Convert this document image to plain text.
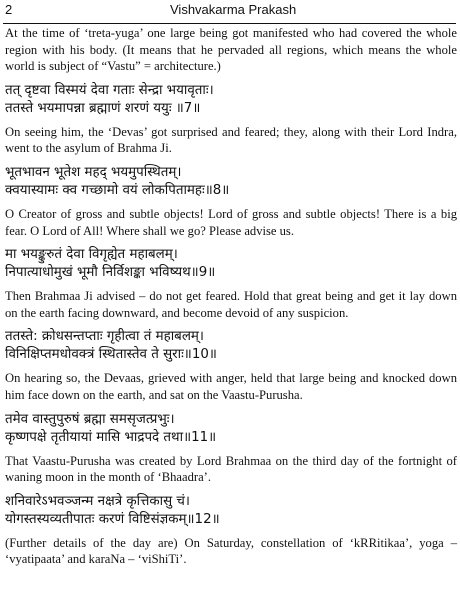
2	Vishvakarma Prakash

At the time of ‘treta-yuga’ one large being got manifested who had covered the whole region with his body. (It means that he pervaded all regions, which means the whole world is subject of “Vastu” = architecture.)

तत् दृष्टवा विस्मयं देवा गताः सेन्द्रा भयावृताः।

ततस्ते भयमापन्ना ब्रह्माणं शरणं ययुः ॥7॥

On seeing him, the ‘Devas’ got surprised and feared; they, along with their Lord Indra, went to the asylum of Brahma Ji.

भूतभावन भूतेश महद् भयमुपस्थितम्।

क्वयास्यामः क्व गच्छामो वयं लोकपितामहः॥8॥

O Creator of gross and subtle objects! Lord of gross and subtle objects! There is a big fear. O Lord of All! Where shall we go? Please advise us.

मा भयङ्कुरुतं देवा विगृह्येत महाबलम्।

निपात्याधोमुखं भूमौ निर्विशङ्का भविष्यथ॥9॥

Then Brahmaa Ji advised – do not get feared. Hold that great being and get it lay down on the earth facing downward, and become devoid of any suspicion.

ततस्ते: क्रोधसन्तप्ताः गृहीत्वा तं महाबलम्।

विनिक्षिप्तमधोवक्त्रं स्थितास्तेव ते सुराः॥10॥

On hearing so, the Devaas, grieved with anger, held that large being and knocked down him face down on the earth, and sat on the Vaastu-Purusha.

तमेव वास्तुपुरुषं ब्रह्मा समसृजत्प्रभुः।

कृष्णपक्षे तृतीयायां मासि भाद्रपदे तथा॥11॥

That Vaastu-Purusha was created by Lord Brahmaa on the third day of the fortnight of waning moon in the month of ‘Bhaadra’.

शनिवारेऽभवञ्जन्म नक्षत्रे कृत्तिकासु चं।

योगस्तस्यव्यतीपातः करणं विष्टिसंज्ञकम्॥12॥

(Further details of the day are) On Saturday, constellation of ‘kRRitikaa’, yoga – ‘vyatipaata’ and karaNa – ‘viShiTi’.
